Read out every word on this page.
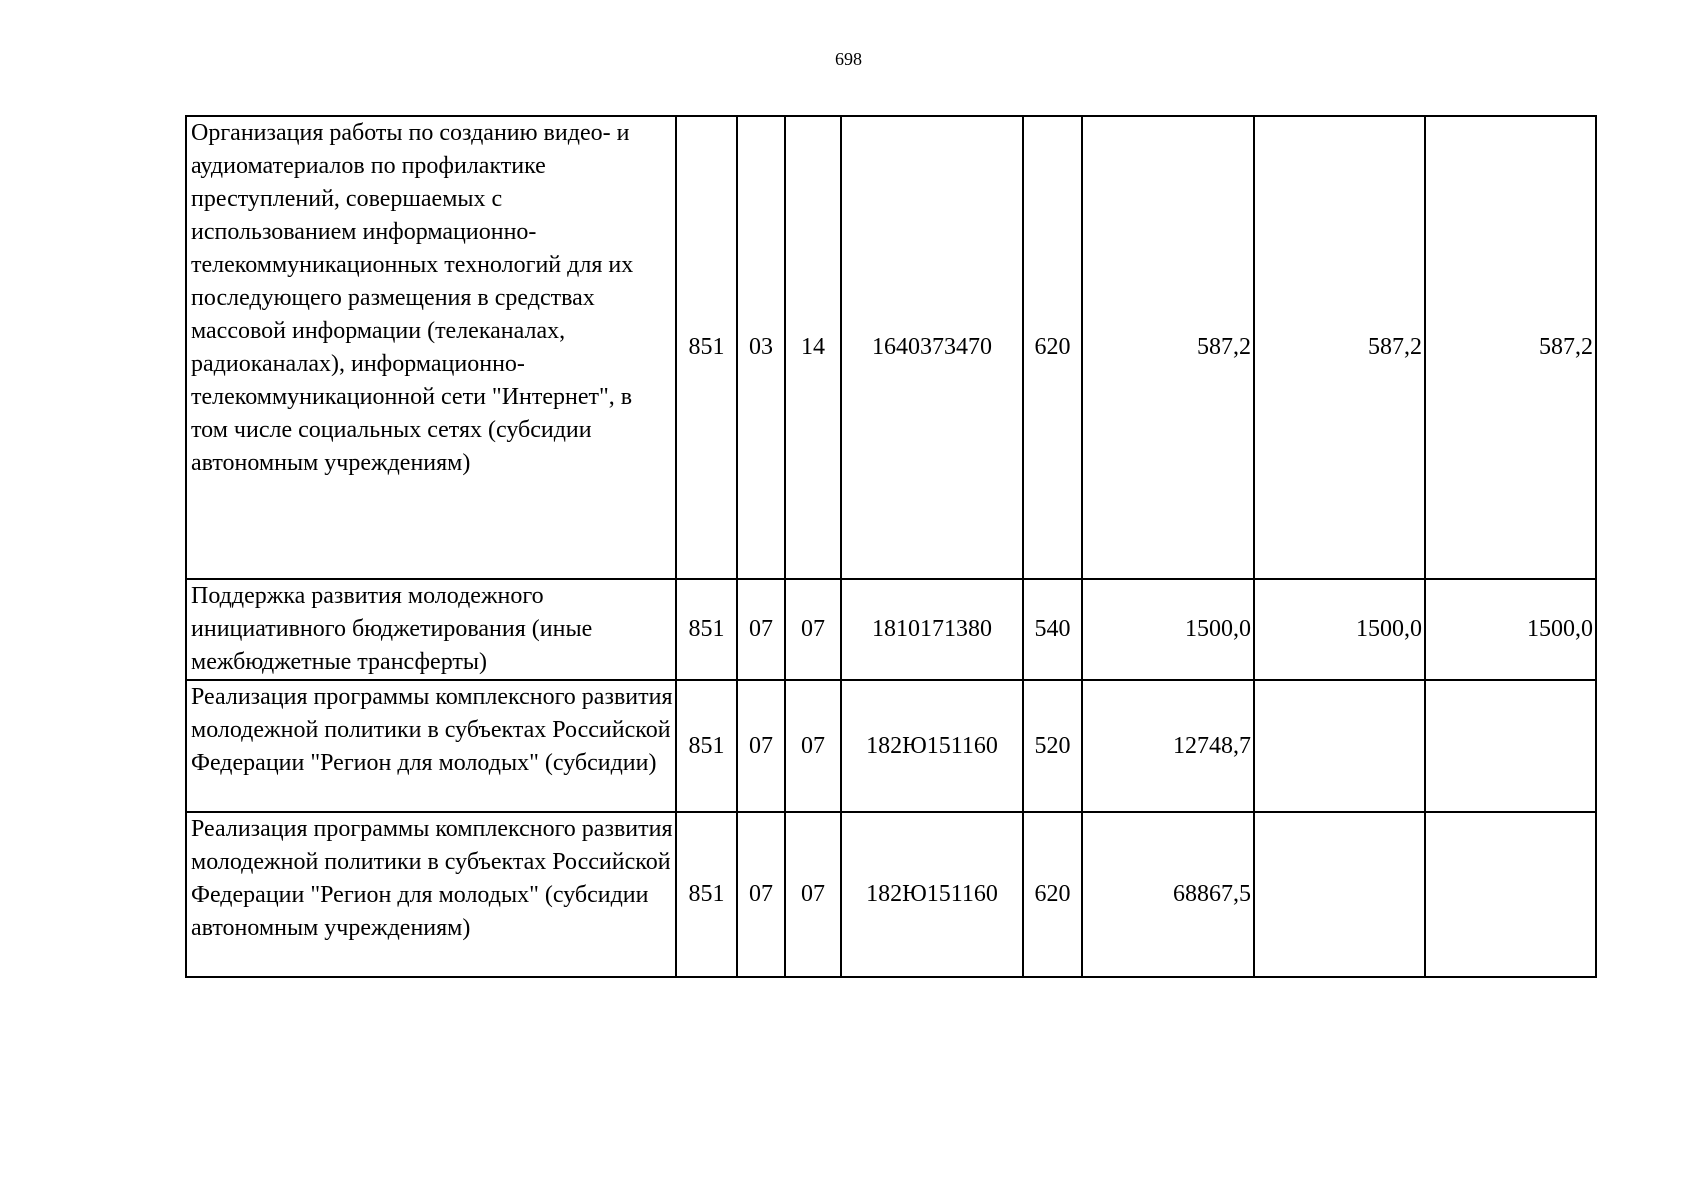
698
Организация работы по созданию видео- и аудиоматериалов по профилактике преступлений, совершаемых с использованием информационно-телекоммуникационных технологий для их последующего размещения в средствах массовой информации (телеканалах, радиоканалах), информационно-телекоммуникационной сети "Интернет", в том числе социальных сетях (субсидии автономным учреждениям)	851	03	14	1640373470	620	587,2	587,2	587,2
Поддержка развития молодежного инициативного бюджетирования (иные межбюджетные трансферты)	851	07	07	1810171380	540	1500,0	1500,0	1500,0
Реализация программы комплексного развития молодежной политики в субъектах Российской Федерации "Регион для молодых" (субсидии)	851	07	07	182Ю151160	520	12748,7		
Реализация программы комплексного развития молодежной политики в субъектах Российской Федерации "Регион для молодых" (субсидии автономным учреждениям)	851	07	07	182Ю151160	620	68867,5		
